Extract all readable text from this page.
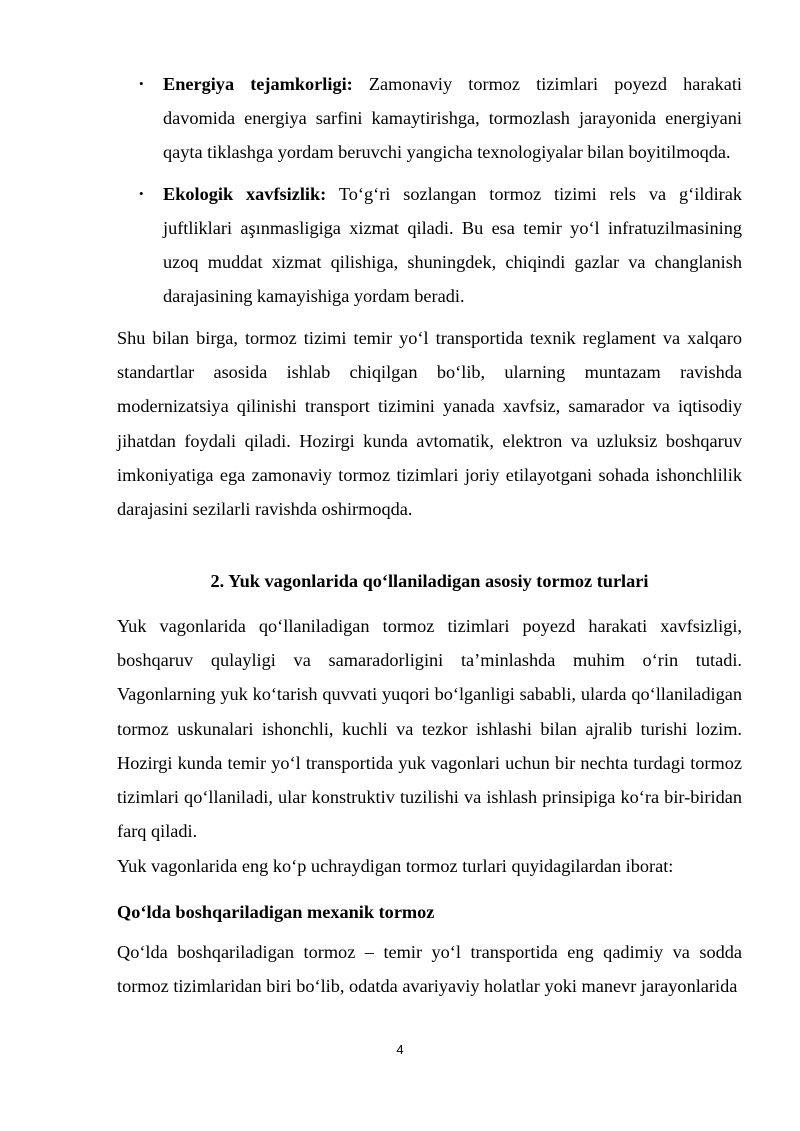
• Energiya tejamkorligi: Zamonaviy tormoz tizimlari poyezd harakati davomida energiya sarfini kamaytirishga, tormozlash jarayonida energiyani qayta tiklashga yordam beruvchi yangicha texnologiyalar bilan boyitilmoqda.

• Ekologik xavfsizlik: To‘g‘ri sozlangan tormoz tizimi rels va g‘ildirak juftliklari aşınmasligiga xizmat qiladi. Bu esa temir yo‘l infratuzilmasining uzoq muddat xizmat qilishiga, shuningdek, chiqindi gazlar va changlanish darajasining kamayishiga yordam beradi.

Shu bilan birga, tormoz tizimi temir yo‘l transportida texnik reglament va xalqaro standartlar asosida ishlab chiqilgan bo‘lib, ularning muntazam ravishda modernizatsiya qilinishi transport tizimini yanada xavfsiz, samarador va iqtisodiy jihatdan foydali qiladi. Hozirgi kunda avtomatik, elektron va uzluksiz boshqaruv imkoniyatiga ega zamonaviy tormoz tizimlari joriy etilayotgani sohada ishonchlilik darajasini sezilarli ravishda oshirmoqda.

2. Yuk vagonlarida qo‘llaniladigan asosiy tormoz turlari

Yuk vagonlarida qo‘llaniladigan tormoz tizimlari poyezd harakati xavfsizligi, boshqaruv qulayligi va samaradorligini ta’minlashda muhim o‘rin tutadi. Vagonlarning yuk ko‘tarish quvvati yuqori bo‘lganligi sababli, ularda qo‘llaniladigan tormoz uskunalari ishonchli, kuchli va tezkor ishlashi bilan ajralib turishi lozim. Hozirgi kunda temir yo‘l transportida yuk vagonlari uchun bir nechta turdagi tormoz tizimlari qo‘llaniladi, ular konstruktiv tuzilishi va ishlash prinsipiga ko‘ra bir-biridan farq qiladi.

Yuk vagonlarida eng ko‘p uchraydigan tormoz turlari quyidagilardan iborat:

Qo‘lda boshqariladigan mexanik tormoz

Qo‘lda boshqariladigan tormoz – temir yo‘l transportida eng qadimiy va sodda tormoz tizimlaridan biri bo‘lib, odatda avariyaviy holatlar yoki manevr jarayonlarida

4
